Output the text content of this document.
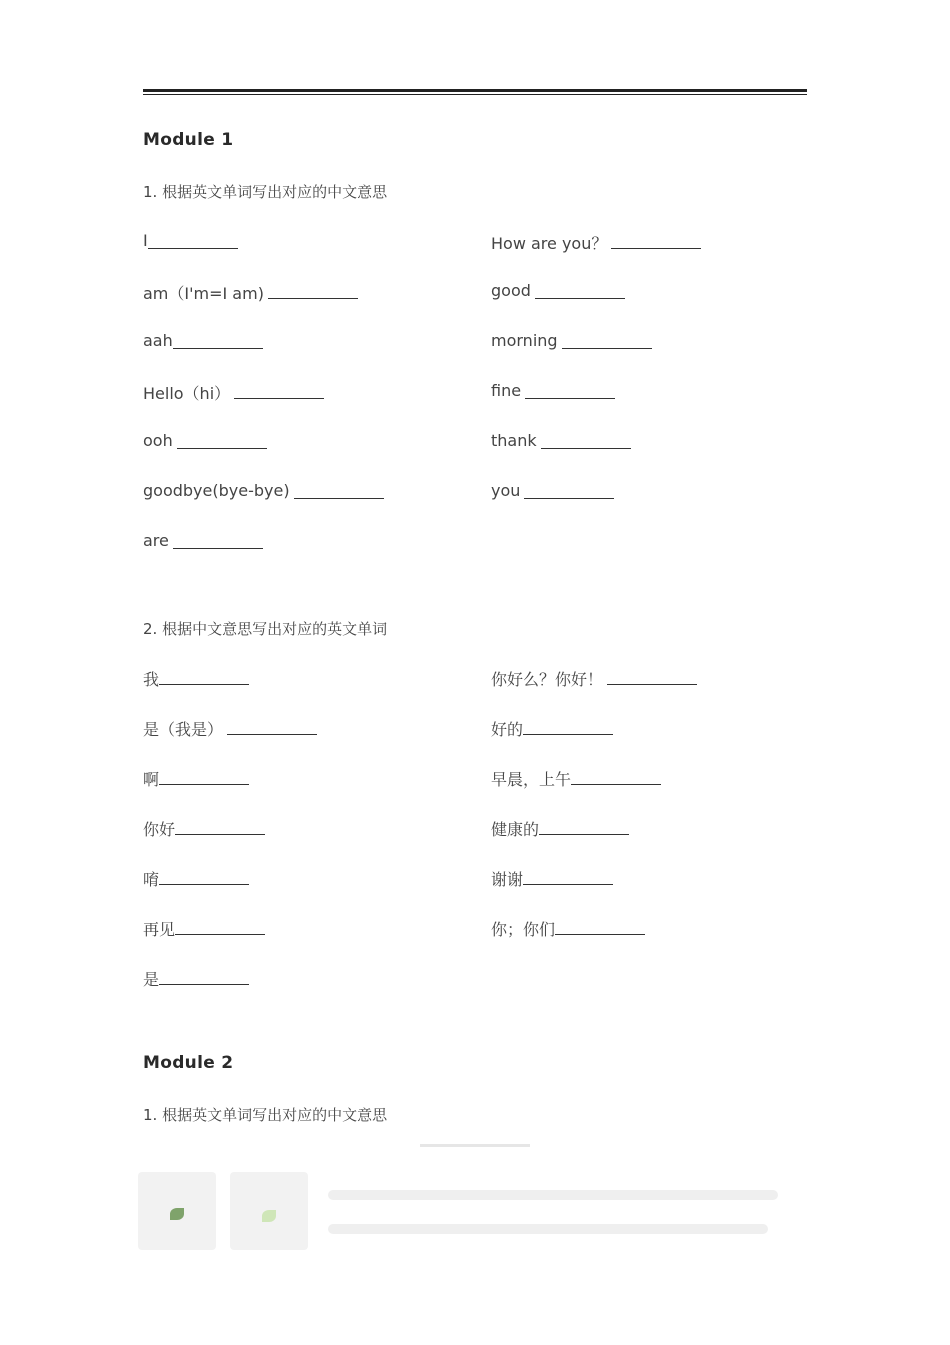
Module 1
1. 根据英文单词写出对应的中文意思
I
am（I'm=I am)
aah
Hello（hi）
ooh
goodbye(bye-bye)
are
How are you？
good
morning
fine
thank
you
2. 根据中文意思写出对应的英文单词
我
是（我是）
啊
你好
唷
再见
是
你好么？你好！
好的
早晨，上午
健康的
谢谢
你；你们
Module 2
1. 根据英文单词写出对应的中文意思
